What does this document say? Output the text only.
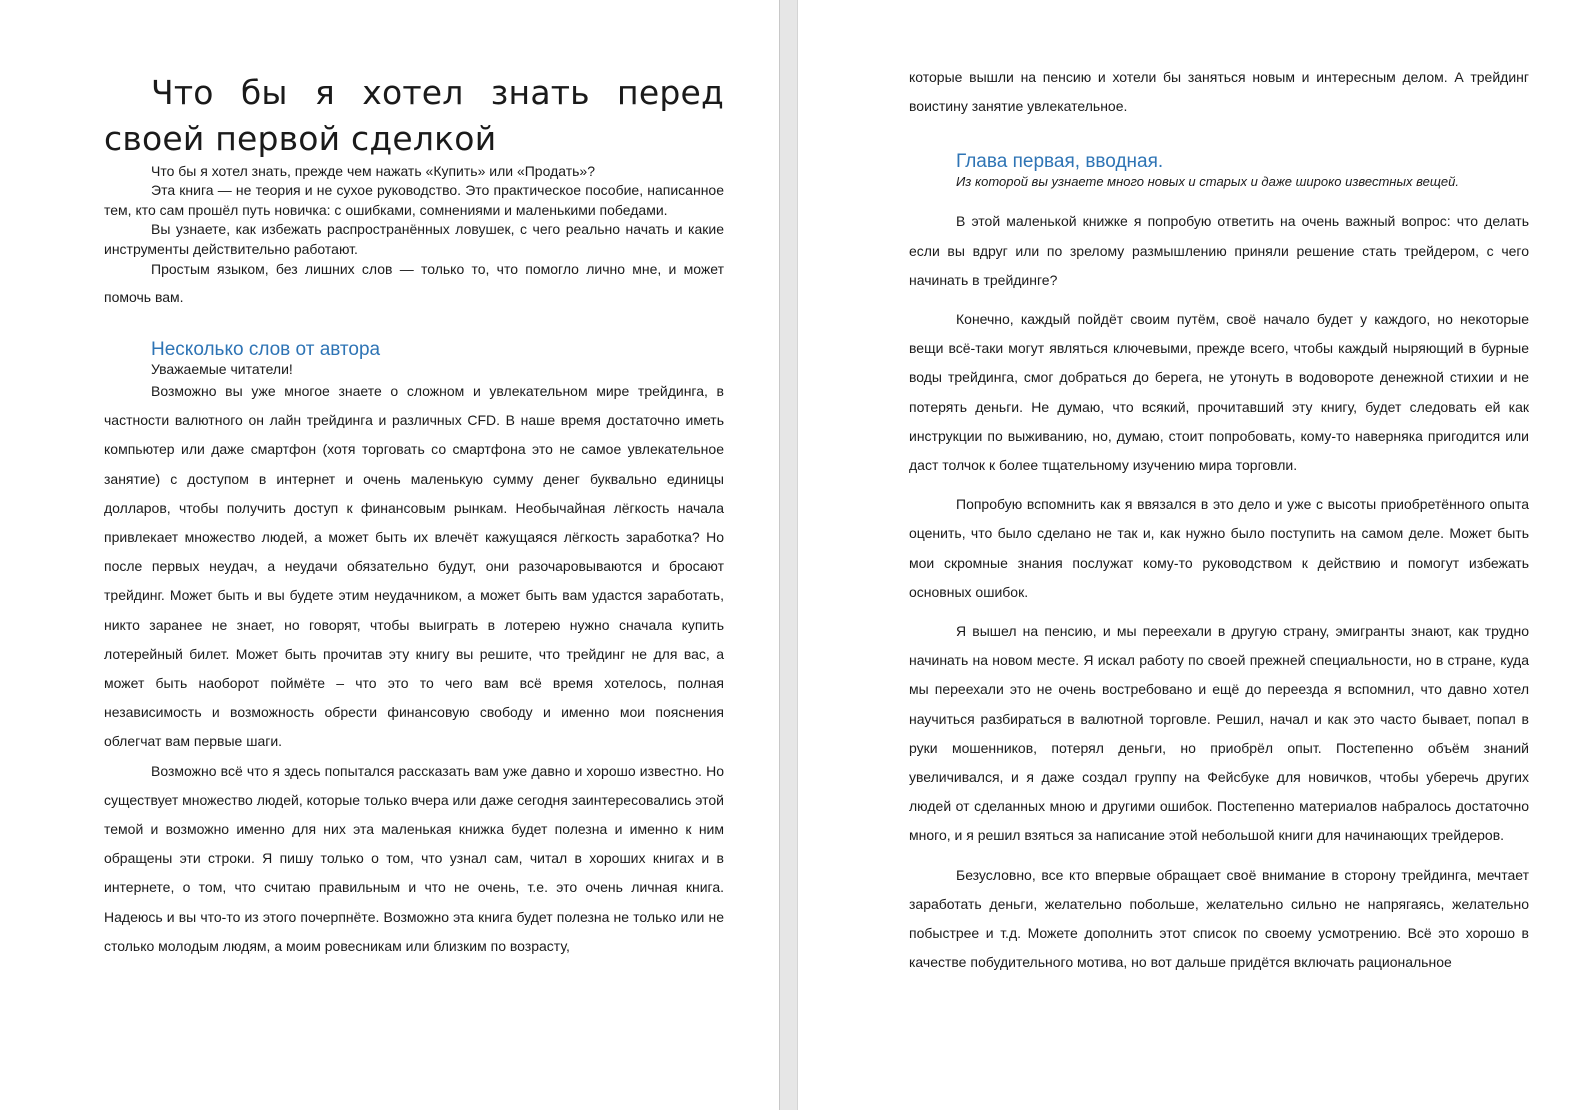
Что бы я хотел знать перед своей первой сделкой

Что бы я хотел знать, прежде чем нажать «Купить» или «Продать»?

Эта книга — не теория и не сухое руководство. Это практическое пособие, написанное тем, кто сам прошёл путь новичка: с ошибками, сомнениями и маленькими победами.

Вы узнаете, как избежать распространённых ловушек, с чего реально начать и какие инструменты действительно работают.

Простым языком, без лишних слов — только то, что помогло лично мне, и может помочь вам.

Несколько слов от автора

Уважаемые читатели!

Возможно вы уже многое знаете о сложном и увлекательном мире трейдинга, в частности валютного он лайн трейдинга и различных CFD. В наше время достаточно иметь компьютер или даже смартфон (хотя торговать со смартфона это не самое увлекательное занятие) с доступом в интернет и очень маленькую сумму денег буквально единицы долларов, чтобы получить доступ к финансовым рынкам. Необычайная лёгкость начала привлекает множество людей, а может быть их влечёт кажущаяся лёгкость заработка? Но после первых неудач, а неудачи обязательно будут, они разочаровываются и бросают трейдинг. Может быть и вы будете этим неудачником, а может быть вам удастся заработать, никто заранее не знает, но говорят, чтобы выиграть в лотерею нужно сначала купить лотерейный билет. Может быть прочитав эту книгу вы решите, что трейдинг не для вас, а может быть наоборот поймёте – что это то чего вам всё время хотелось, полная независимость и возможность обрести финансовую свободу и именно мои пояснения облегчат вам первые шаги.

Возможно всё что я здесь попытался рассказать вам уже давно и хорошо известно. Но существует множество людей, которые только вчера или даже сегодня заинтересовались этой темой и возможно именно для них эта маленькая книжка будет полезна и именно к ним обращены эти строки. Я пишу только о том, что узнал сам, читал в хороших книгах и в интернете, о том, что считаю правильным и что не очень, т.е. это очень личная книга. Надеюсь и вы что-то из этого почерпнёте. Возможно эта книга будет полезна не только или не столько молодым людям, а моим ровесникам или близким по возрасту,

которые вышли на пенсию и хотели бы заняться новым и интересным делом. А трейдинг воистину занятие увлекательное.

Глава первая, вводная.

Из которой вы узнаете много новых и старых и даже широко известных вещей.

В этой маленькой книжке я попробую ответить на очень важный вопрос: что делать если вы вдруг или по зрелому размышлению приняли решение стать трейдером, с чего начинать в трейдинге?

Конечно, каждый пойдёт своим путём, своё начало будет у каждого, но некоторые вещи всё-таки могут являться ключевыми, прежде всего, чтобы каждый ныряющий в бурные воды трейдинга, смог добраться до берега, не утонуть в водовороте денежной стихии и не потерять деньги. Не думаю, что всякий, прочитавший эту книгу, будет следовать ей как инструкции по выживанию, но, думаю, стоит попробовать, кому-то наверняка пригодится или даст толчок к более тщательному изучению мира торговли.

Попробую вспомнить как я ввязался в это дело и уже с высоты приобретённого опыта оценить, что было сделано не так и, как нужно было поступить на самом деле. Может быть мои скромные знания послужат кому-то руководством к действию и помогут избежать основных ошибок.

Я вышел на пенсию, и мы переехали в другую страну, эмигранты знают, как трудно начинать на новом месте. Я искал работу по своей прежней специальности, но в стране, куда мы переехали это не очень востребовано и ещё до переезда я вспомнил, что давно хотел научиться разбираться в валютной торговле. Решил, начал и как это часто бывает, попал в руки мошенников, потерял деньги, но приобрёл опыт. Постепенно объём знаний увеличивался, и я даже создал группу на Фейсбуке для новичков, чтобы уберечь других людей от сделанных мною и другими ошибок. Постепенно материалов набралось достаточно много, и я решил взяться за написание этой небольшой книги для начинающих трейдеров.

Безусловно, все кто впервые обращает своё внимание в сторону трейдинга, мечтает заработать деньги, желательно побольше, желательно сильно не напрягаясь, желательно побыстрее и т.д. Можете дополнить этот список по своему усмотрению. Всё это хорошо в качестве побудительного мотива, но вот дальше придётся включать рациональное
